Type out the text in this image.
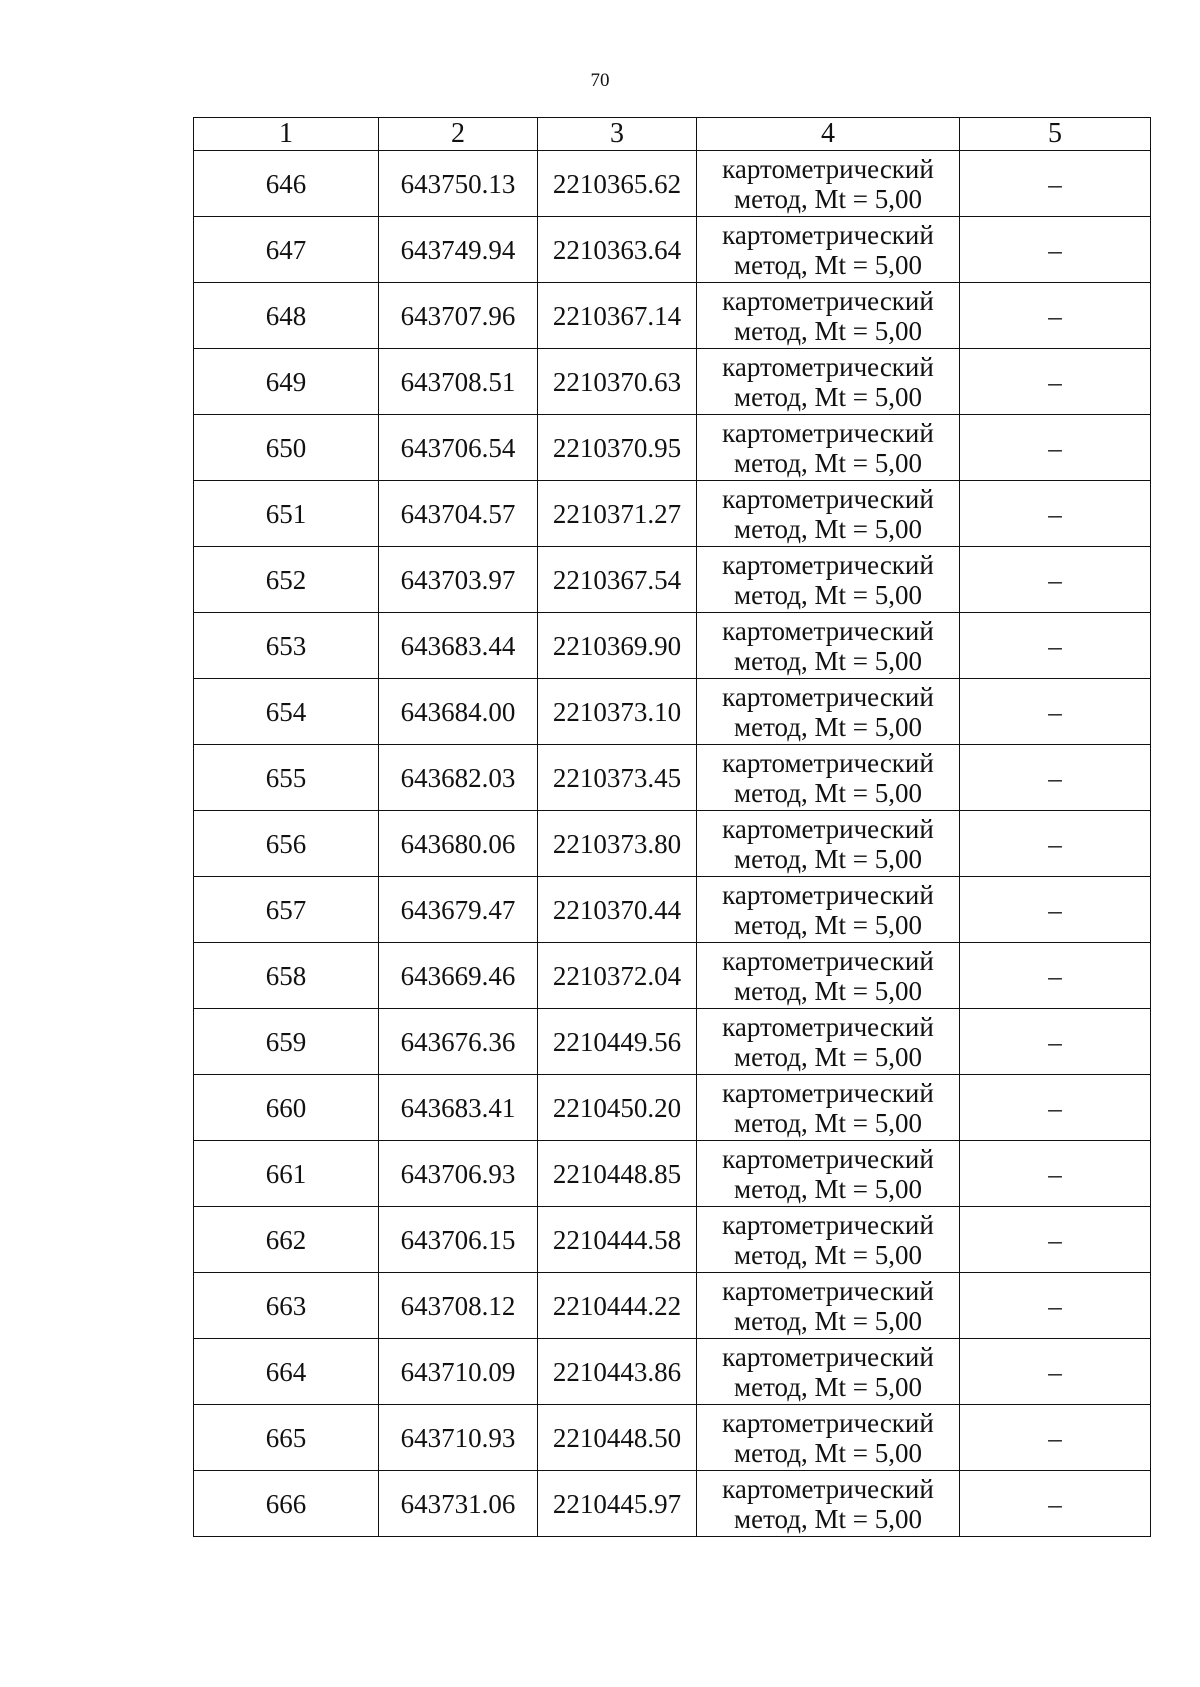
70
1	2	3	4	5
646	643750.13	2210365.62	картометрический
метод, Mt = 5,00	–
647	643749.94	2210363.64	картометрический
метод, Mt = 5,00	–
648	643707.96	2210367.14	картометрический
метод, Mt = 5,00	–
649	643708.51	2210370.63	картометрический
метод, Mt = 5,00	–
650	643706.54	2210370.95	картометрический
метод, Mt = 5,00	–
651	643704.57	2210371.27	картометрический
метод, Mt = 5,00	–
652	643703.97	2210367.54	картометрический
метод, Mt = 5,00	–
653	643683.44	2210369.90	картометрический
метод, Mt = 5,00	–
654	643684.00	2210373.10	картометрический
метод, Mt = 5,00	–
655	643682.03	2210373.45	картометрический
метод, Mt = 5,00	–
656	643680.06	2210373.80	картометрический
метод, Mt = 5,00	–
657	643679.47	2210370.44	картометрический
метод, Mt = 5,00	–
658	643669.46	2210372.04	картометрический
метод, Mt = 5,00	–
659	643676.36	2210449.56	картометрический
метод, Mt = 5,00	–
660	643683.41	2210450.20	картометрический
метод, Mt = 5,00	–
661	643706.93	2210448.85	картометрический
метод, Mt = 5,00	–
662	643706.15	2210444.58	картометрический
метод, Mt = 5,00	–
663	643708.12	2210444.22	картометрический
метод, Mt = 5,00	–
664	643710.09	2210443.86	картометрический
метод, Mt = 5,00	–
665	643710.93	2210448.50	картометрический
метод, Mt = 5,00	–
666	643731.06	2210445.97	картометрический
метод, Mt = 5,00	–
